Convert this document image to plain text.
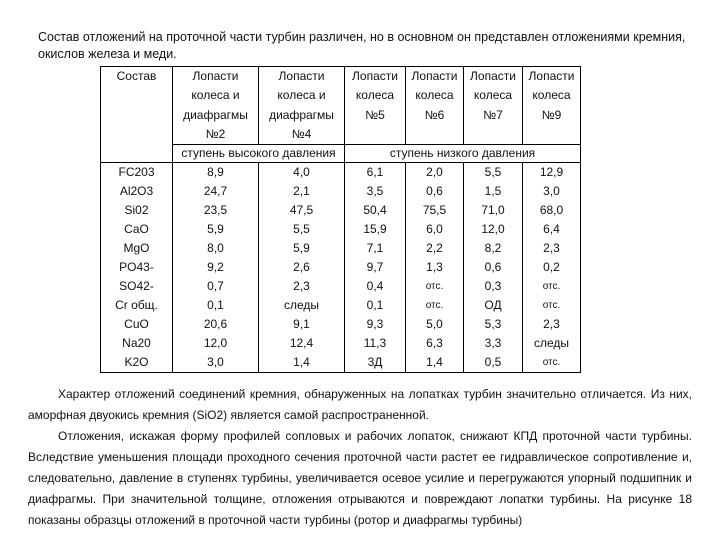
Состав отложений на проточной части турбин различен, но в основном он представлен отложениями кремния, окислов железа и меди.
Состав	Лопасти колеса и диафрагмы №2	Лопасти колеса и диафрагмы №4	Лопасти колеса №5	Лопасти колеса №6	Лопасти колеса №7	Лопасти колеса №9
	ступень высокого давления		ступень низкого давления			
FC203	8,9	4,0	6,1	2,0	5,5	12,9
Al2O3	24,7	2,1	3,5	0,6	1,5	3,0
Si02	23,5	47,5	50,4	75,5	71,0	68,0
CaO	5,9	5,5	15,9	6,0	12,0	6,4
MgO	8,0	5,9	7,1	2,2	8,2	2,3
PO43-	9,2	2,6	9,7	1,3	0,6	0,2
SO42-	0,7	2,3	0,4	отс.	0,3	отс.
Cr общ.	0,1	следы	0,1	отс.	ОД	отс.
CuO	20,6	9,1	9,3	5,0	5,3	2,3
Na20	12,0	12,4	11,3	6,3	3,3	следы
K2O	3,0	1,4	3Д	1,4	0,5	отс.

Характер отложений соединений кремния, обнаруженных на лопатках турбин значительно отличается. Из них, аморфная двуокись кремния (SiO2) является самой распространенной.

Отложения, искажая форму профилей сопловых и рабочих лопаток, снижают КПД проточной части турбины. Вследствие уменьшения площади проходного сечения проточной части растет ее гидравлическое сопротивление и, следовательно, давление в ступенях турбины, увеличивается осевое усилие и перегружаются упорный подшипник и диафрагмы. При значительной толщине, отложения отрываются и повреждают лопатки турбины. На рисунке 18 показаны образцы отложений в проточной части турбины (ротор и диафрагмы турбины)
